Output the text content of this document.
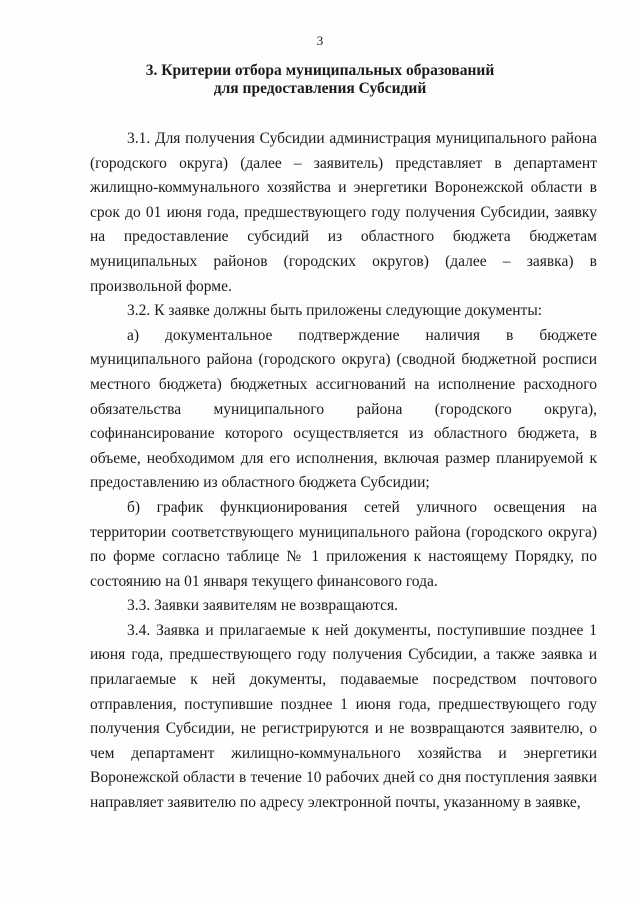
3
3. Критерии отбора муниципальных образований
для предоставления Субсидий

3.1. Для получения Субсидии администрация муниципального района (городского округа) (далее – заявитель) представляет в департамент жилищно-коммунального хозяйства и энергетики Воронежской области в срок до 01 июня года, предшествующего году получения Субсидии, заявку на предоставление субсидий из областного бюджета бюджетам муниципальных районов (городских округов) (далее – заявка) в произвольной форме.

3.2. К заявке должны быть приложены следующие документы:

а) документальное подтверждение наличия в бюджете муниципального района (городского округа) (сводной бюджетной росписи местного бюджета) бюджетных ассигнований на исполнение расходного обязательства муниципального района (городского округа), софинансирование которого осуществляется из областного бюджета, в объеме, необходимом для его исполнения, включая размер планируемой к предоставлению из областного бюджета Субсидии;

б) график функционирования сетей уличного освещения на территории соответствующего муниципального района (городского округа) по форме согласно таблице № 1 приложения к настоящему Порядку, по состоянию на 01 января текущего финансового года.

3.3. Заявки заявителям не возвращаются.

3.4. Заявка и прилагаемые к ней документы, поступившие позднее 1 июня года, предшествующего году получения Субсидии, а также заявка и прилагаемые к ней документы, подаваемые посредством почтового отправления, поступившие позднее 1 июня года, предшествующего году получения Субсидии, не регистрируются и не возвращаются заявителю, о чем департамент жилищно-коммунального хозяйства и энергетики Воронежской области в течение 10 рабочих дней со дня поступления заявки направляет заявителю по адресу электронной почты, указанному в заявке,
